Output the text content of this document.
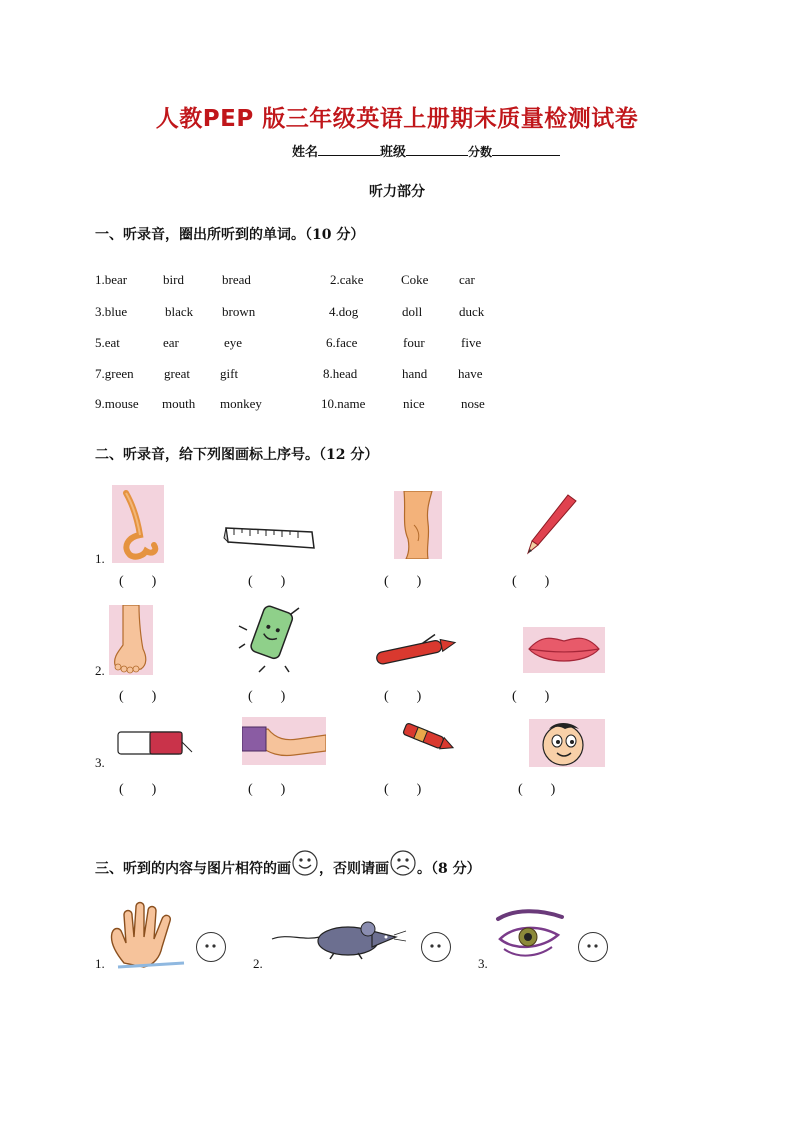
人教PEP 版三年级英语上册期末质量检测试卷
姓名	班级	分数
听力部分
一、听录音，圈出所听到的单词。（10 分）
1.bear	bird	bread	2.cake	Coke car
3.blue	black brown	4.dog	doll	duck
5.eat	ear	eye	6.face	four	five
7.green great gift	8.head	hand have
9.mouse mouth monkey	10.name	nice	nose
二、听录音，给下列图画标上序号。（12 分）
1.
2.
3.
(　　)	(　　)	(　　)	(　　)
(　　)	(　　)	(　　)	(　　)
(　　)	(　　)	(　　)	(　　)
三、听到的内容与图片相符的画 ，否则请画 。（8 分）
1.	2.	3.
